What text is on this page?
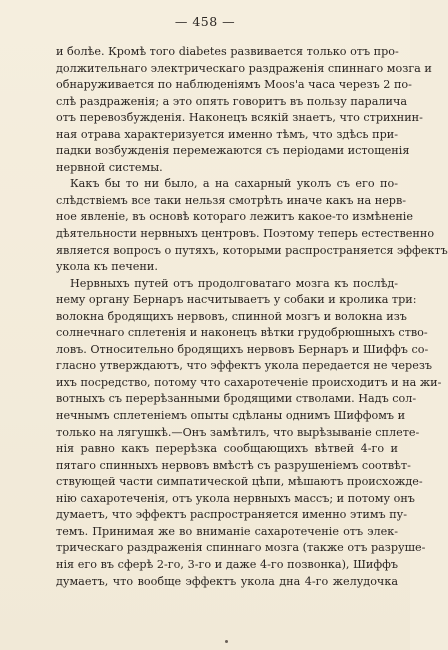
— 458 —
и болѣе. Кромѣ того diabetes развивается только отъ про-
должительнаго электрическаго раздраженія спиннаго мозга и
обнаруживается по наблюденіямъ Moos'a часа черезъ 2 по-
слѣ раздраженія; а это опять говоритъ въ пользу паралича
отъ перевозбужденія. Наконецъ всякій знаетъ, что стрихнин-
ная отрава характеризуется именно тѣмъ, что здѣсь при-
падки возбужденія перемежаются съ періодами истощенія
нервной системы.
Какъ бы то ни было, а на сахарный уколъ съ его по-
слѣдствіемъ все таки нельзя смотрѣть иначе какъ на нерв-
ное явленіе, въ основѣ котораго лежитъ какое-то измѣненіе
дѣятельности нервныхъ центровъ. Поэтому теперь естественно
является вопросъ о путяхъ, которыми распространяется эффектъ
укола къ печени.
Нервныхъ путей отъ продолговатаго мозга къ послѣд-
нему органу Бернаръ насчитываетъ у собаки и кролика три:
волокна бродящихъ нервовъ, спинной мозгъ и волокна изъ
солнечнаго сплетенія и наконецъ вѣтки грудобрюшныхъ ство-
ловъ. Относительно бродящихъ нервовъ Бернаръ и Шиффъ со-
гласно утверждаютъ, что эффектъ укола передается не черезъ
ихъ посредство, потому что сахаротеченіе происходитъ и на жи-
вотныхъ съ перерѣзанными бродящими стволами. Надъ сол-
нечнымъ сплетеніемъ опыты сдѣланы однимъ Шиффомъ и
только на лягушкѣ.—Онъ замѣтилъ, что вырѣзываніе сплете-
нія равно какъ перерѣзка сообщающихъ вѣтвей 4-го и
пятаго спинныхъ нервовъ вмѣстѣ съ разрушеніемъ соотвѣт-
ствующей части симпатической цѣпи, мѣшаютъ происхожде-
нію сахаротеченія, отъ укола нервныхъ массъ; и потому онъ
думаетъ, что эффектъ распространяется именно этимъ пу-
темъ. Принимая же во вниманіе сахаротеченіе отъ элек-
трическаго раздраженія спиннаго мозга (также отъ разруше-
нія его въ сферѣ 2-го, 3-го и даже 4-го позвонка), Шиффъ
думаетъ, что вообще эффектъ укола дна 4-го желудочка
